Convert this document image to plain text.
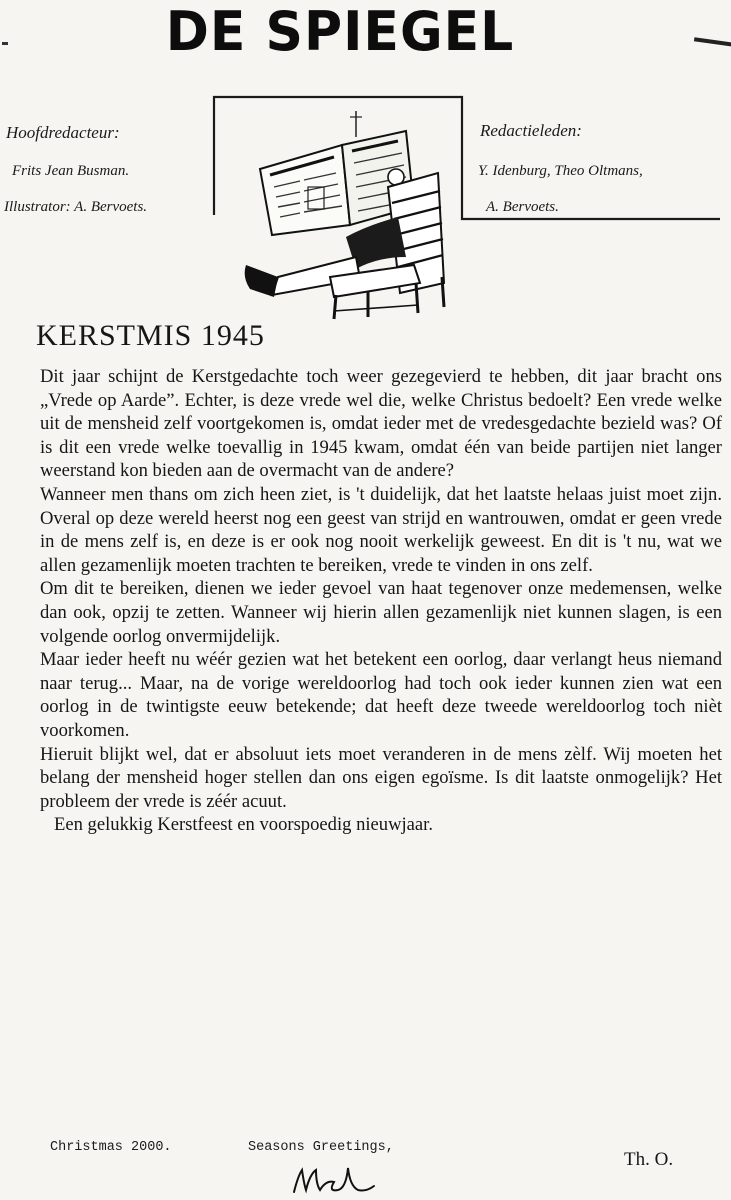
DE SPIEGEL
Hoofdredacteur:
Frits Jean Busman.
Illustrator: A. Bervoets.
Redactieleden:
Y. Idenburg, Theo Oltmans,
A. Bervoets.
KERSTMIS 1945

Dit jaar schijnt de Kerstgedachte toch weer gezegevierd te hebben, dit jaar bracht ons „Vrede op Aarde”. Echter, is deze vrede wel die, welke Christus bedoelt? Een vrede welke uit de mensheid zelf voortgekomen is, omdat ieder met de vredesgedachte bezield was? Of is dit een vrede welke toevallig in 1945 kwam, omdat één van beide partijen niet langer weerstand kon bieden aan de overmacht van de andere?

Wanneer men thans om zich heen ziet, is 't duidelijk, dat het laatste helaas juist moet zijn. Overal op deze wereld heerst nog een geest van strijd en wantrouwen, omdat er geen vrede in de mens zelf is, en deze is er ook nog nooit werkelijk geweest. En dit is 't nu, wat we allen gezamenlijk moeten trachten te bereiken, vrede te vinden in ons zelf.

Om dit te bereiken, dienen we ieder gevoel van haat tegenover onze medemensen, welke dan ook, opzij te zetten. Wanneer wij hierin allen gezamenlijk niet kunnen slagen, is een volgende oorlog onvermijdelijk.

Maar ieder heeft nu wéér gezien wat het betekent een oorlog, daar verlangt heus niemand naar terug... Maar, na de vorige wereldoorlog had toch ook ieder kunnen zien wat een oorlog in de twintigste eeuw betekende; dat heeft deze tweede wereldoorlog toch nièt voorkomen.

Hieruit blijkt wel, dat er absoluut iets moet veranderen in de mens zèlf. Wij moeten het belang der mensheid hoger stellen dan ons eigen egoïsme. Is dit laatste onmogelijk? Het probleem der vrede is zéér acuut.

Een gelukkig Kerstfeest en voorspoedig nieuwjaar.

Christmas 2000.	Seasons Greetings,
Th. O.
